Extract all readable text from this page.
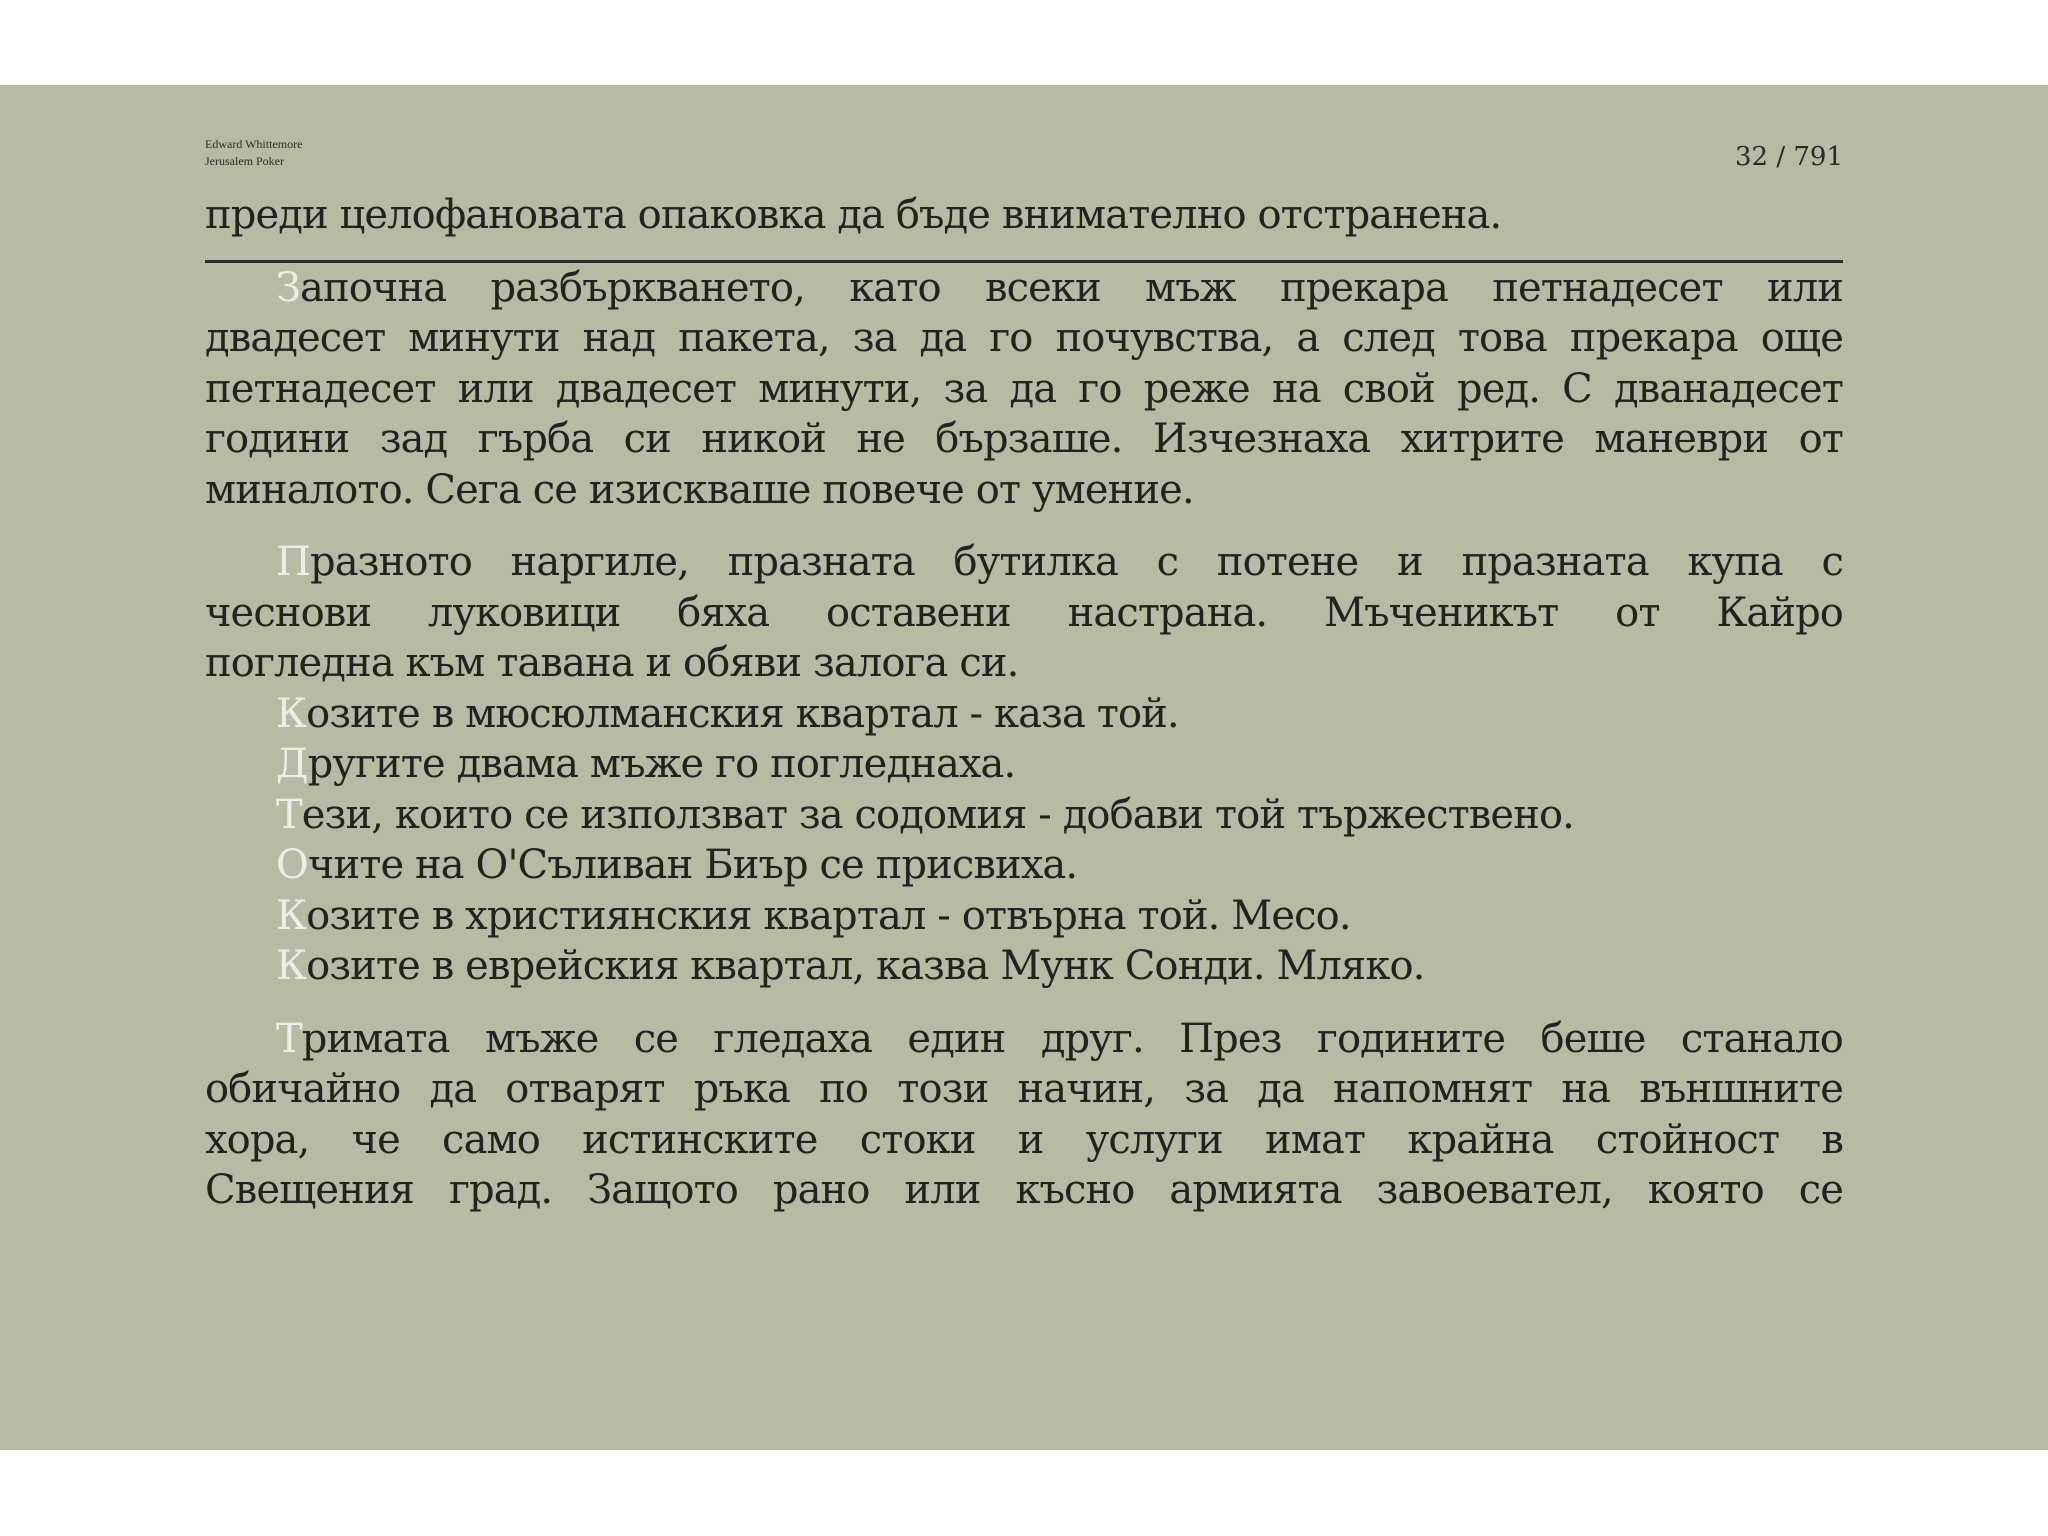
Edward Whittemore
Jerusalem Poker	32 / 791
преди целофановата опаковка да бъде внимателно отстранена.
Започна разбъркването, като всеки мъж прекара петнадесет или
двадесет минути над пакета, за да го почувства, а след това прекара още
петнадесет или двадесет минути, за да го реже на свой ред. С дванадесет
години зад гърба си никой не бързаше. Изчезнаха хитрите маневри от
миналото. Сега се изискваше повече от умение.
Празното наргиле, празната бутилка с потене и празната купа с
чеснови луковици бяха оставени настрана. Мъченикът от Кайро
погледна към тавана и обяви залога си.
Козите в мюсюлманския квартал - каза той.
Другите двама мъже го погледнаха.
Тези, които се използват за содомия - добави той тържествено.
Очите на О'Съливан Биър се присвиха.
Козите в християнския квартал - отвърна той. Месо.
Козите в еврейския квартал, казва Мунк Сонди. Мляко.
Тримата мъже се гледаха един друг. През годините беше станало
обичайно да отварят ръка по този начин, за да напомнят на външните
хора, че само истинските стоки и услуги имат крайна стойност в
Свещения град. Защото рано или късно армията завоевател, която се
